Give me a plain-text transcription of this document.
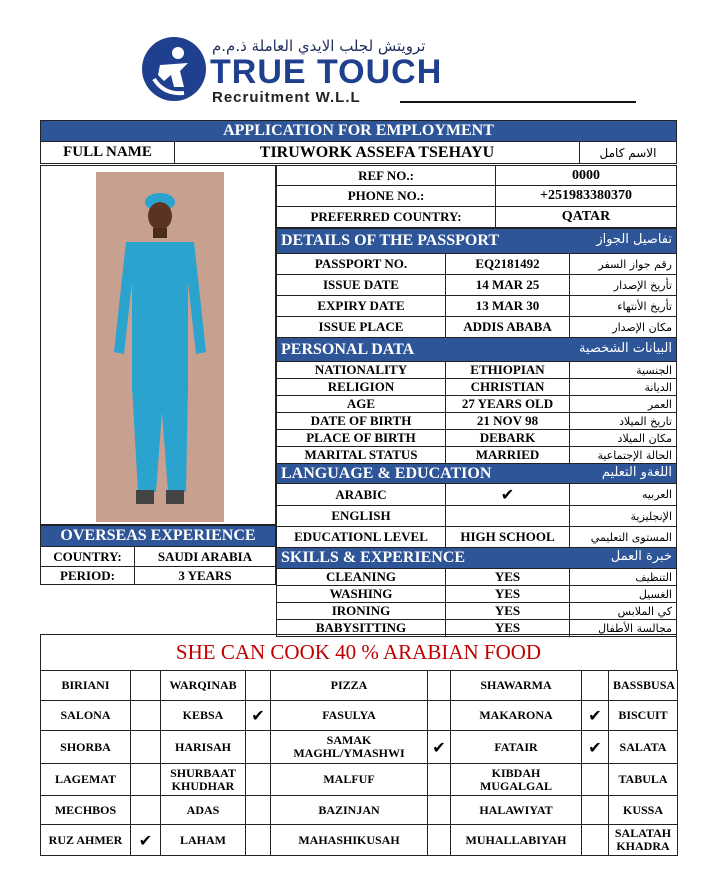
ترويتش لجلب الايدي العاملة ذ.م.م
TRUE TOUCH
Recruitment W.L.L
APPLICATION FOR EMPLOYMENT
FULL NAME	TIRUWORK ASSEFA TSEHAYU	الاسم كامل
REF NO.:	0000
PHONE NO.:	+251983380370
PREFERRED COUNTRY:	QATAR
DETAILS OF THE PASSPORT تفاصيل الجواز		

PASSPORT NO.	EQ2181492	رقم جواز السفر
ISSUE DATE	14 MAR 25	تأريخ الإصدار
EXPIRY DATE	13 MAR 30	تأريخ الأنتهاء
ISSUE PLACE	ADDIS ABABA	مكان الإصدار
PERSONAL DATA البيانات الشخصية		

NATIONALITY	ETHIOPIAN	الجنسية
RELIGION	CHRISTIAN	الديانة
AGE	27 YEARS OLD	العمر
DATE OF BIRTH	21 NOV 98	تاريخ الميلاد
PLACE OF BIRTH	DEBARK	مكان الميلاد
MARITAL STATUS	MARRIED	الحالة الإجتماعية
LANGUAGE & EDUCATION اللغةو التعليم		

ARABIC	✔	العربيه
ENGLISH		الإنجليزية
EDUCATIONL LEVEL	HIGH SCHOOL	المستوى التعليمي
SKILLS & EXPERIENCE خبرة العمل		

CLEANING	YES	التنظيف
WASHING	YES	الغسيل
IRONING	YES	كي الملابس
BABYSITTING	YES	مجالسة الأطفال
OVERSEAS EXPERIENCE	
COUNTRY:	SAUDI ARABIA
PERIOD:	3 YEARS
SHE CAN COOK 40 % ARABIAN FOOD
BIRIANI		WARQINAB		PIZZA		SHAWARMA		BASSBUSA
SALONA		KEBSA	✔	FASULYA		MAKARONA	✔	BISCUIT
SHORBA		HARISAH		SAMAK MAGHL/YMASHWI	✔	FATAIR	✔	SALATA
LAGEMAT		SHURBAAT KHUDHAR		MALFUF		KIBDAH MUGALGAL		TABULA
MECHBOS		ADAS		BAZINJAN		HALAWIYAT		KUSSA
RUZ AHMER	✔	LAHAM		MAHASHIKUSAH		MUHALLABIYAH		SALATAH KHADRA
